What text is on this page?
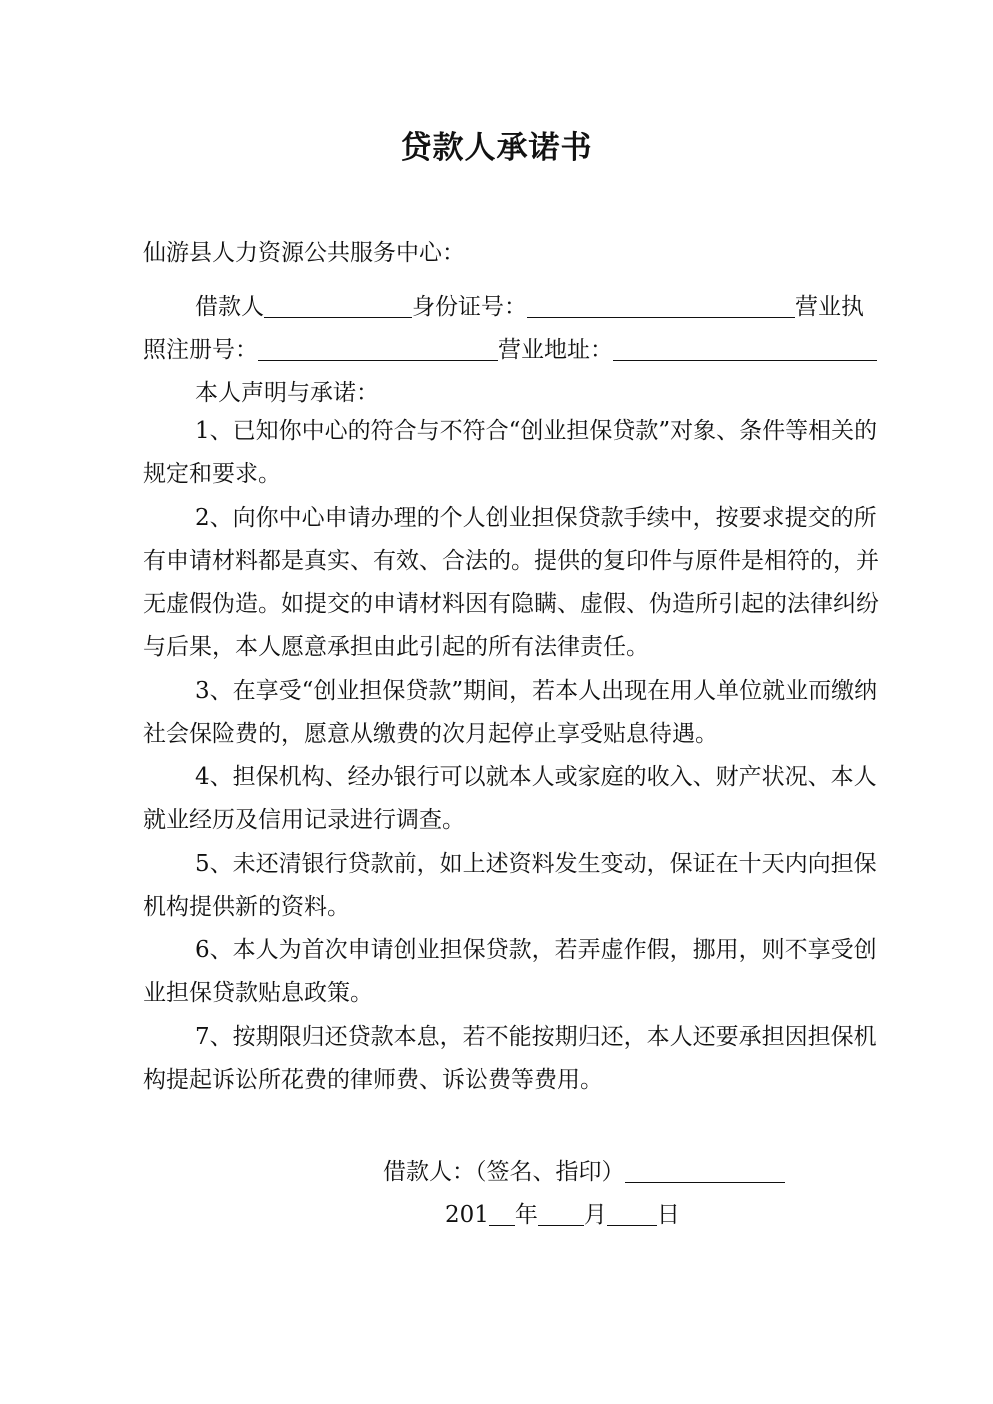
贷款人承诺书
仙游县人力资源公共服务中心：
借款人	身份证号：	营业执
照注册号：	营业地址：
本人声明与承诺：
1、已知你中心的符合与不符合“创业担保贷款”对象、条件等相关的规定和要求。
2、向你中心申请办理的个人创业担保贷款手续中，按要求提交的所有申请材料都是真实、有效、合法的。提供的复印件与原件是相符的，并无虚假伪造。如提交的申请材料因有隐瞒、虚假、伪造所引起的法律纠纷与后果，本人愿意承担由此引起的所有法律责任。
3、在享受“创业担保贷款”期间，若本人出现在用人单位就业而缴纳社会保险费的，愿意从缴费的次月起停止享受贴息待遇。
4、担保机构、经办银行可以就本人或家庭的收入、财产状况、本人就业经历及信用记录进行调查。
5、未还清银行贷款前，如上述资料发生变动，保证在十天内向担保机构提供新的资料。
6、本人为首次申请创业担保贷款，若弄虚作假，挪用，则不享受创业担保贷款贴息政策。
7、按期限归还贷款本息，若不能按期归还，本人还要承担因担保机构提起诉讼所花费的律师费、诉讼费等费用。
借款人：（签名、指印）
201 年 月 日
